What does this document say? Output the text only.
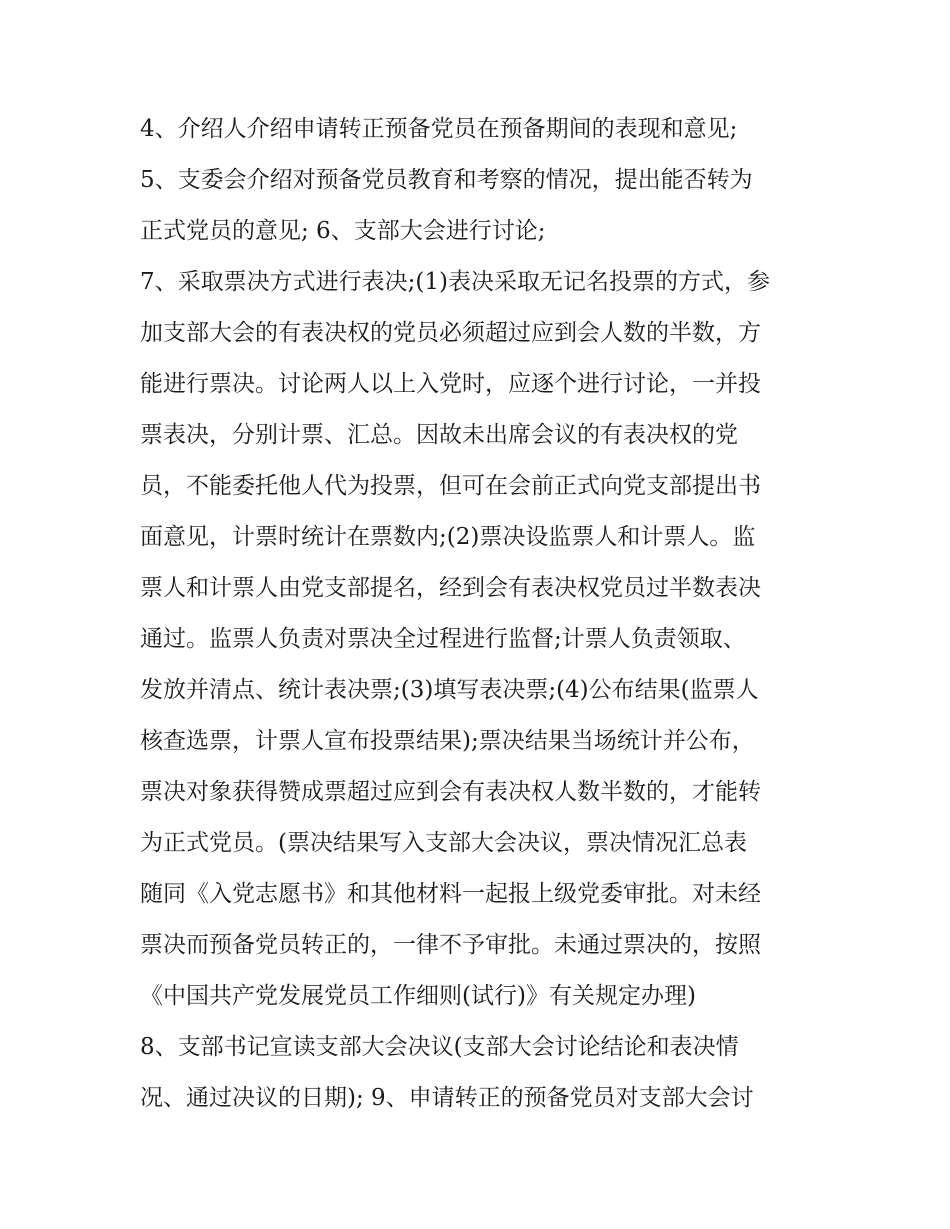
4、介绍人介绍申请转正预备党员在预备期间的表现和意见;
5、支委会介绍对预备党员教育和考察的情况，提出能否转为
正式党员的意见; 6、支部大会进行讨论;
7、采取票决方式进行表决;(1)表决采取无记名投票的方式，参
加支部大会的有表决权的党员必须超过应到会人数的半数，方
能进行票决。讨论两人以上入党时，应逐个进行讨论，一并投
票表决，分别计票、汇总。因故未出席会议的有表决权的党
员，不能委托他人代为投票，但可在会前正式向党支部提出书
面意见，计票时统计在票数内;(2)票决设监票人和计票人。监
票人和计票人由党支部提名，经到会有表决权党员过半数表决
通过。监票人负责对票决全过程进行监督;计票人负责领取、
发放并清点、统计表决票;(3)填写表决票;(4)公布结果(监票人
核查选票，计票人宣布投票结果);票决结果当场统计并公布，
票决对象获得赞成票超过应到会有表决权人数半数的，才能转
为正式党员。(票决结果写入支部大会决议，票决情况汇总表
随同《入党志愿书》和其他材料一起报上级党委审批。对未经
票决而预备党员转正的，一律不予审批。未通过票决的，按照
《中国共产党发展党员工作细则(试行)》有关规定办理)
8、支部书记宣读支部大会决议(支部大会讨论结论和表决情
况、通过决议的日期); 9、申请转正的预备党员对支部大会讨
